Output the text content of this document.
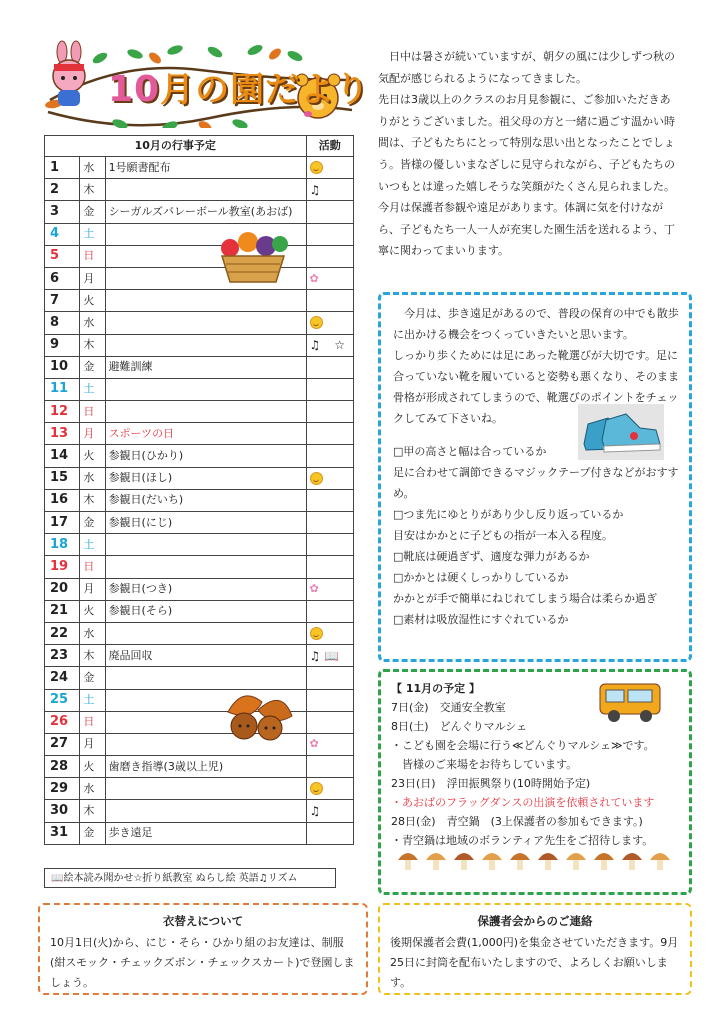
10月の園だより
10月の行事予定			活動
1	水	1号願書配布	
2	木		♫
3	金	シーガルズバレーボール教室(あおば)	
4	土		
5	日		
6	月		✿
7	火		
8	水		
9	木		♫ ☆
10	金	避難訓練	
11	土		
12	日		
13	月	スポーツの日	
14	火	参観日(ひかり)	
15	水	参観日(ほし)	
16	木	参観日(だいち)	
17	金	参観日(にじ)	
18	土		
19	日		
20	月	参観日(つき)	✿
21	火	参観日(そら)	
22	水		
23	木	廃品回収	♫ 📖
24	金		
25	土		
26	日		
27	月		✿
28	火	歯磨き指導(3歳以上児)	
29	水		
30	木		♫
31	金	歩き遠足	
📖絵本読み聞かせ☆折り紙教室 ぬらし絵 英語♫リズム

　日中は暑さが続いていますが、朝夕の風には少しずつ秋の気配が感じられるようになってきました。

先日は3歳以上のクラスのお月見参観に、ご参加いただきありがとうございました。祖父母の方と一緒に過ごす温かい時間は、子どもたちにとって特別な思い出となったことでしょう。皆様の優しいまなざしに見守られながら、子どもたちのいつもとは違った嬉しそうな笑顔がたくさん見られました。

今月は保護者参観や遠足があります。体調に気を付けながら、子どもたち一人一人が充実した園生活を送れるよう、丁寧に関わってまいります。

　今月は、歩き遠足があるので、普段の保育の中でも散歩に出かける機会をつくっていきたいと思います。

しっかり歩くためには足にあった靴選びが大切です。足に合っていない靴を履いていると姿勢も悪くなり、そのまま骨格が形成されてしまうので、靴選びのポイントをチェックしてみて下さいね。

□甲の高さと幅は合っているか

足に合わせて調節できるマジックテープ付きなどがおすすめ。

□つま先にゆとりがあり少し反り返っているか

目安はかかとに子どもの指が一本入る程度。

□靴底は硬過ぎず、適度な弾力があるか

□かかとは硬くしっかりしているか

かかとが手で簡単にねじれてしまう場合は柔らか過ぎ

□素材は吸放湿性にすぐれているか

【 11月の予定 】

7日(金)　交通安全教室

8日(土)　どんぐりマルシェ

・こども園を会場に行う≪どんぐりマルシェ≫です。

　皆様のご来場をお待ちしています。

23日(日)　浮田振興祭り(10時開始予定)

・あおばのフラッグダンスの出演を依頼されています

28日(金)　青空鍋　(3上保護者の参加もできます。)

・青空鍋は地域のボランティア先生をご招待します。

衣替えについて
10月1日(火)から、にじ・そら・ひかり組のお友達は、制服(紺スモック・チェックズボン・チェックスカート)で登園しましょう。
保護者会からのご連絡
後期保護者会費(1,000円)を集金させていただきます。9月25日に封筒を配布いたしますので、よろしくお願いします。
